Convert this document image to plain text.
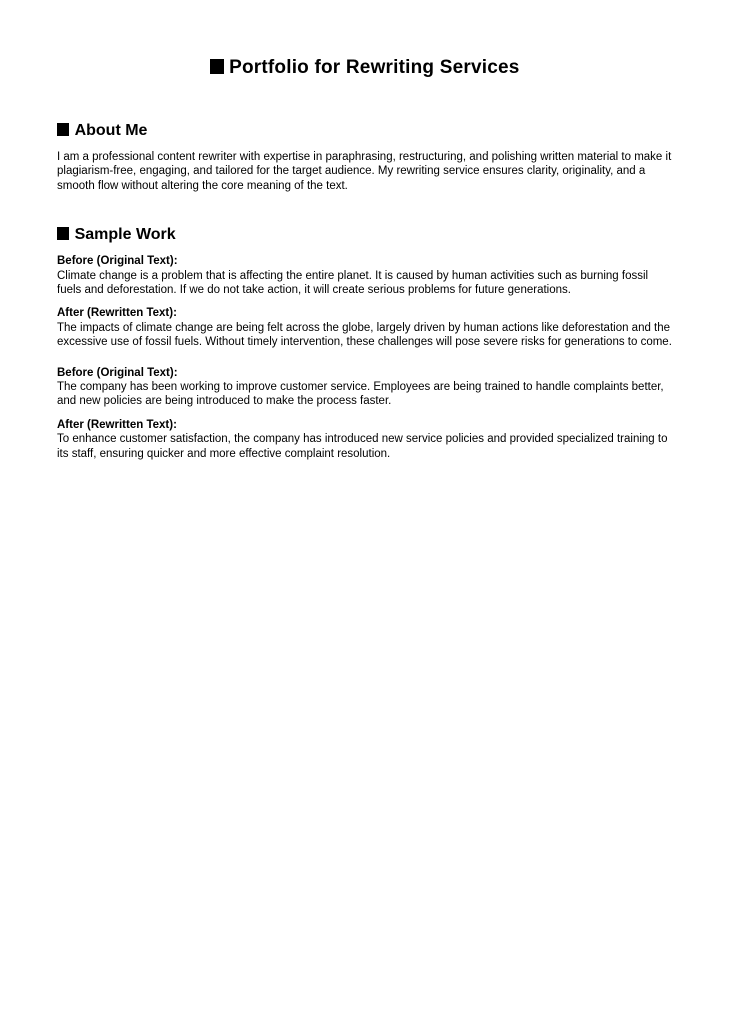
Portfolio for Rewriting Services
About Me

I am a professional content rewriter with expertise in paraphrasing, restructuring, and polishing written material to make it plagiarism-free, engaging, and tailored for the target audience. My rewriting service ensures clarity, originality, and a smooth flow without altering the core meaning of the text.

Sample Work

Before (Original Text):
Climate change is a problem that is affecting the entire planet. It is caused by human activities such as burning fossil fuels and deforestation. If we do not take action, it will create serious problems for future generations.

After (Rewritten Text):
The impacts of climate change are being felt across the globe, largely driven by human actions like deforestation and the excessive use of fossil fuels. Without timely intervention, these challenges will pose severe risks for generations to come.

Before (Original Text):
The company has been working to improve customer service. Employees are being trained to handle complaints better, and new policies are being introduced to make the process faster.

After (Rewritten Text):
To enhance customer satisfaction, the company has introduced new service policies and provided specialized training to its staff, ensuring quicker and more effective complaint resolution.
